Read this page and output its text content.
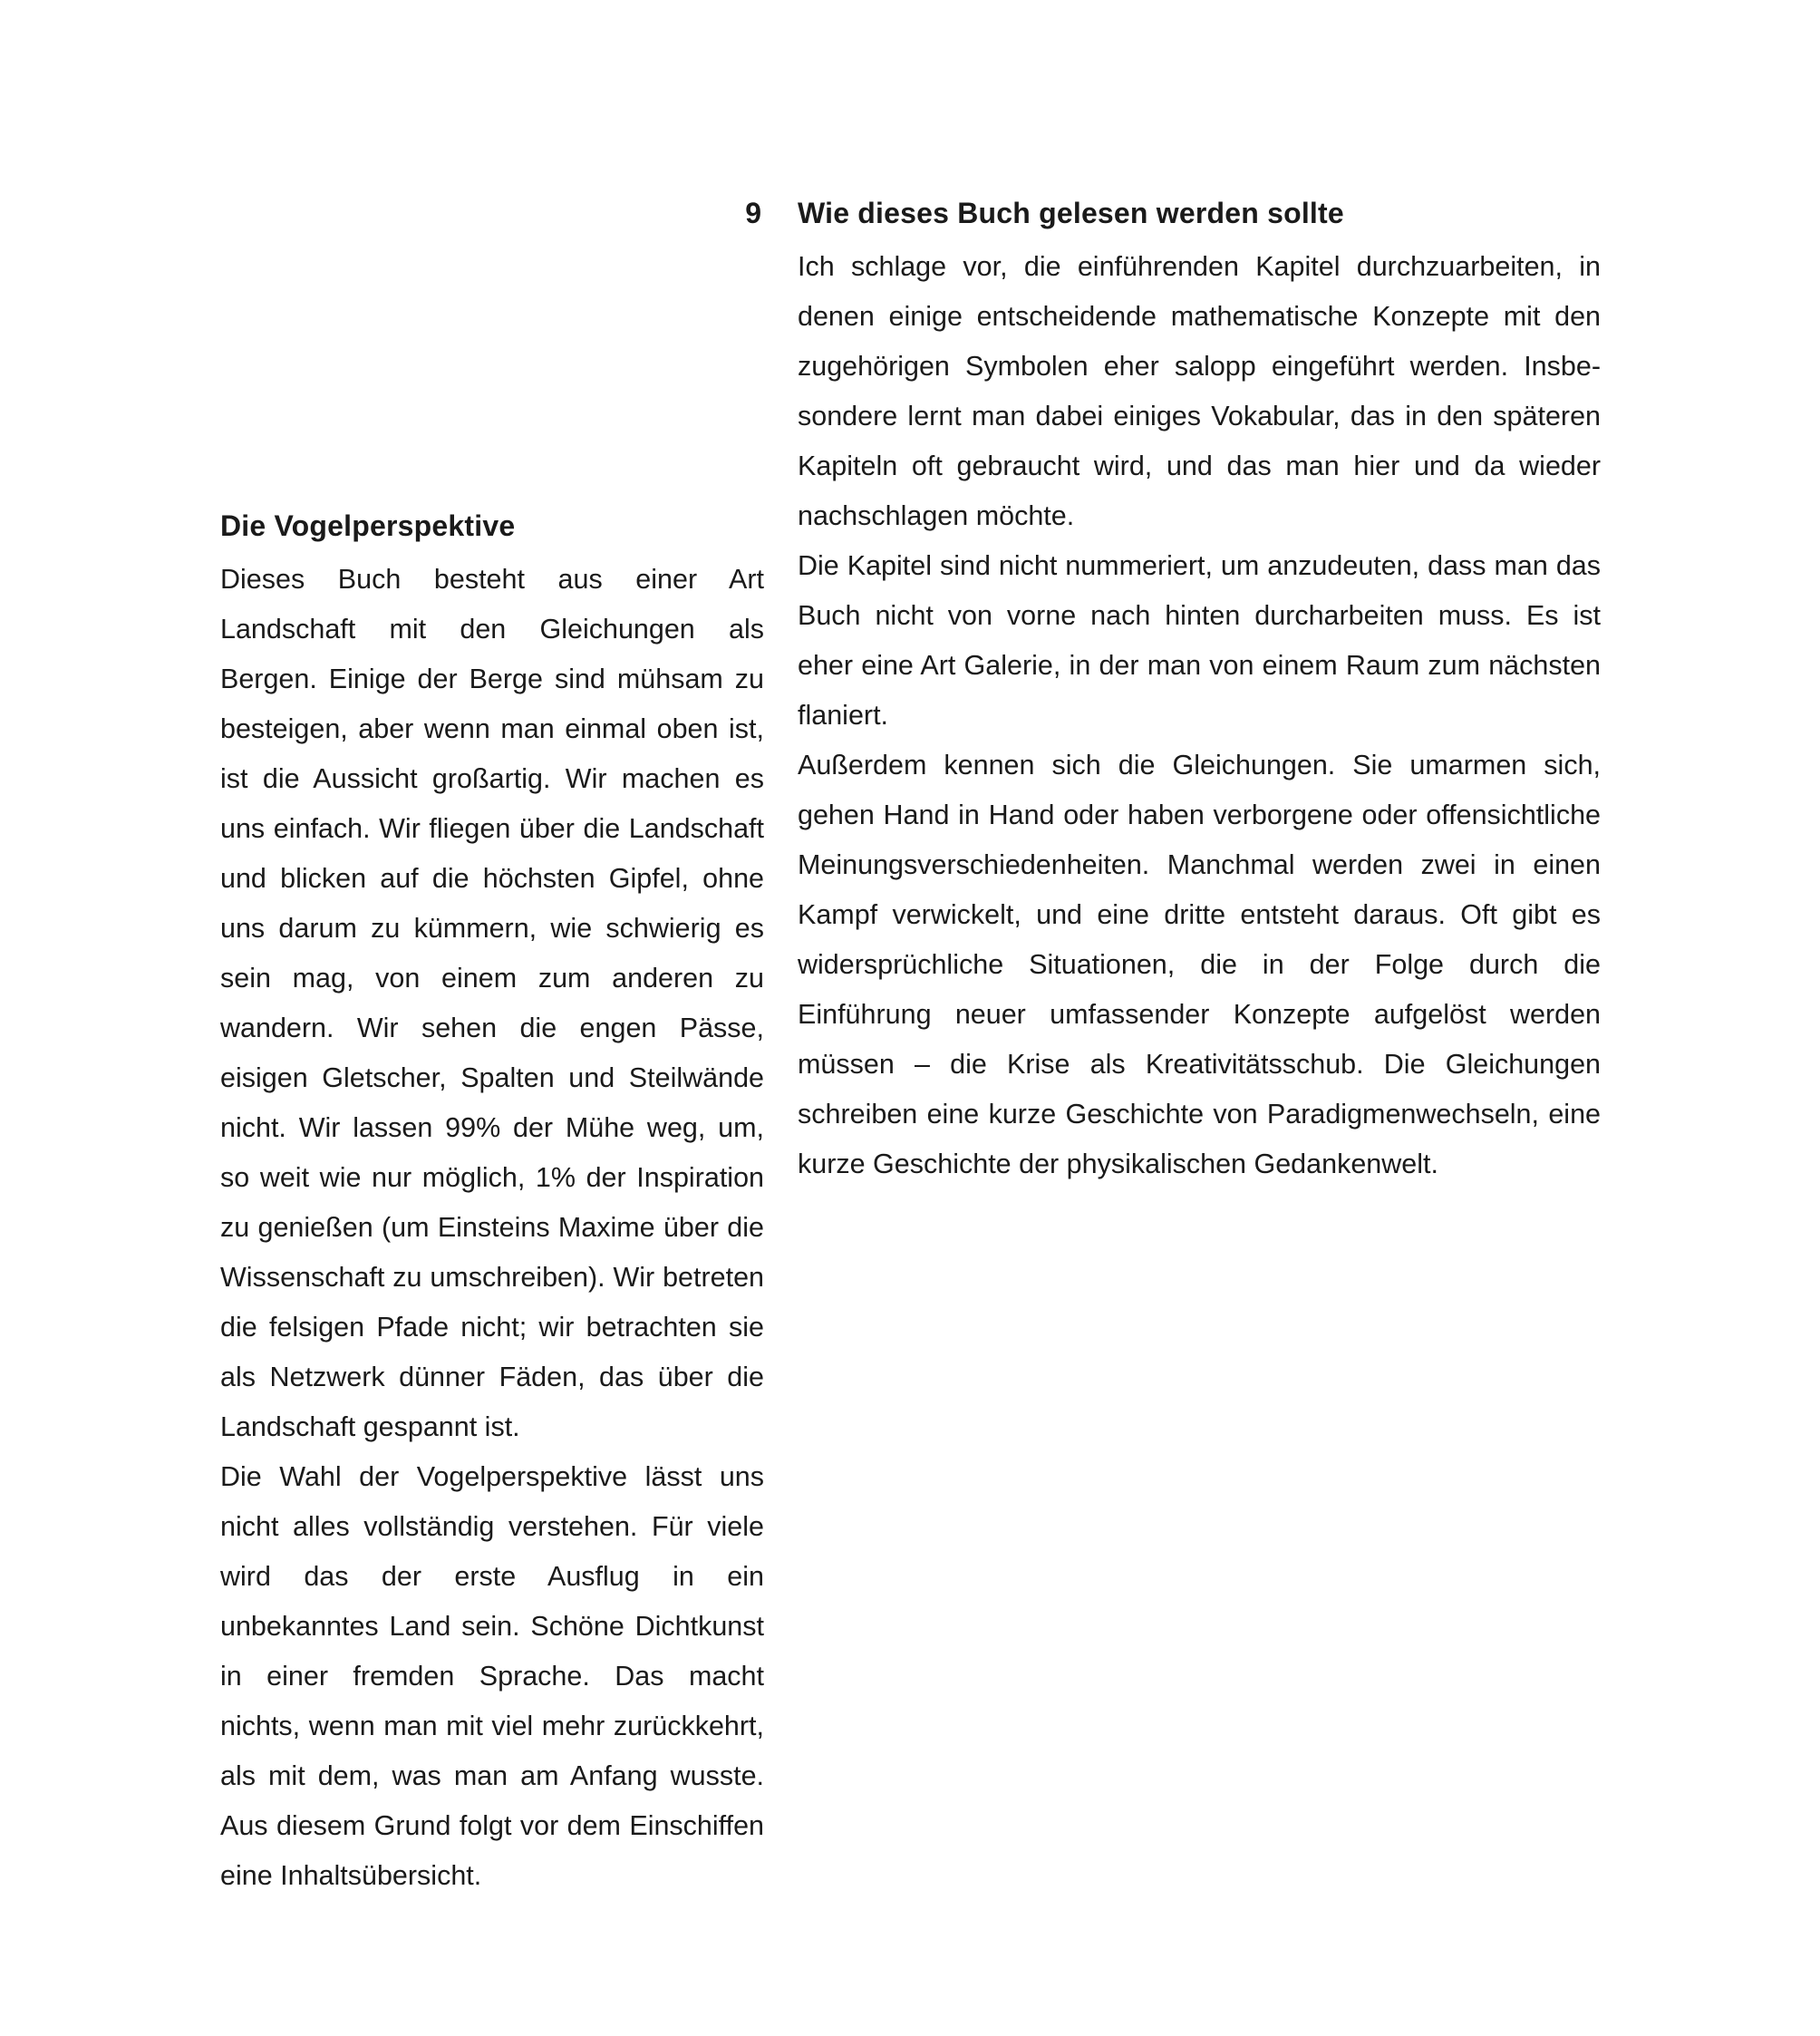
9
Die Vogelperspektive

Dieses Buch besteht aus einer Art Landschaft mit den Gleichungen als Bergen. Einige der Berge sind mühsam zu besteigen, aber wenn man einmal oben ist, ist die Aussicht großartig. Wir machen es uns einfach. Wir fliegen über die Landschaft und blicken auf die höchsten Gipfel, ohne uns darum zu kümmern, wie schwierig es sein mag, von einem zum anderen zu wandern. Wir sehen die engen Pässe, eisigen Gletscher, Spalten und Steilwände nicht. Wir lassen 99% der Mühe weg, um, so weit wie nur möglich, 1% der Inspiration zu genießen (um Einsteins Maxime über die Wissenschaft zu umschreiben). Wir betreten die felsigen Pfade nicht; wir betrachten sie als Netzwerk dünner Fäden, das über die Landschaft gespannt ist.

Die Wahl der Vogelperspektive lässt uns nicht alles vollständig verstehen. Für viele wird das der erste Ausflug in ein unbekanntes Land sein. Schöne Dichtkunst in einer fremden Sprache. Das macht nichts, wenn man mit viel mehr zurückkehrt, als mit dem, was man am Anfang wusste. Aus diesem Grund folgt vor dem Einschiffen eine Inhaltsübersicht.

Wie dieses Buch gelesen werden sollte

Ich schlage vor, die einführenden Kapitel durchzuarbeiten, in denen einige entscheidende mathematische Konzepte mit den zugehörigen Symbolen eher salopp eingeführt werden. Insbesondere lernt man dabei einiges Vokabular, das in den späteren Kapiteln oft gebraucht wird, und das man hier und da wieder nachschlagen möchte.

Die Kapitel sind nicht nummeriert, um anzudeuten, dass man das Buch nicht von vorne nach hinten durcharbeiten muss. Es ist eher eine Art Galerie, in der man von einem Raum zum nächsten flaniert.

Außerdem kennen sich die Gleichungen. Sie umarmen sich, gehen Hand in Hand oder haben verborgene oder offensichtliche Meinungsverschiedenheiten. Manchmal werden zwei in einen Kampf verwickelt, und eine dritte entsteht daraus. Oft gibt es widersprüchliche Situationen, die in der Folge durch die Einführung neuer umfassender Konzepte aufgelöst werden müssen – die Krise als Kreativitätsschub. Die Gleichungen schreiben eine kurze Geschichte von Paradigmenwechseln, eine kurze Geschichte der physikalischen Gedankenwelt.
